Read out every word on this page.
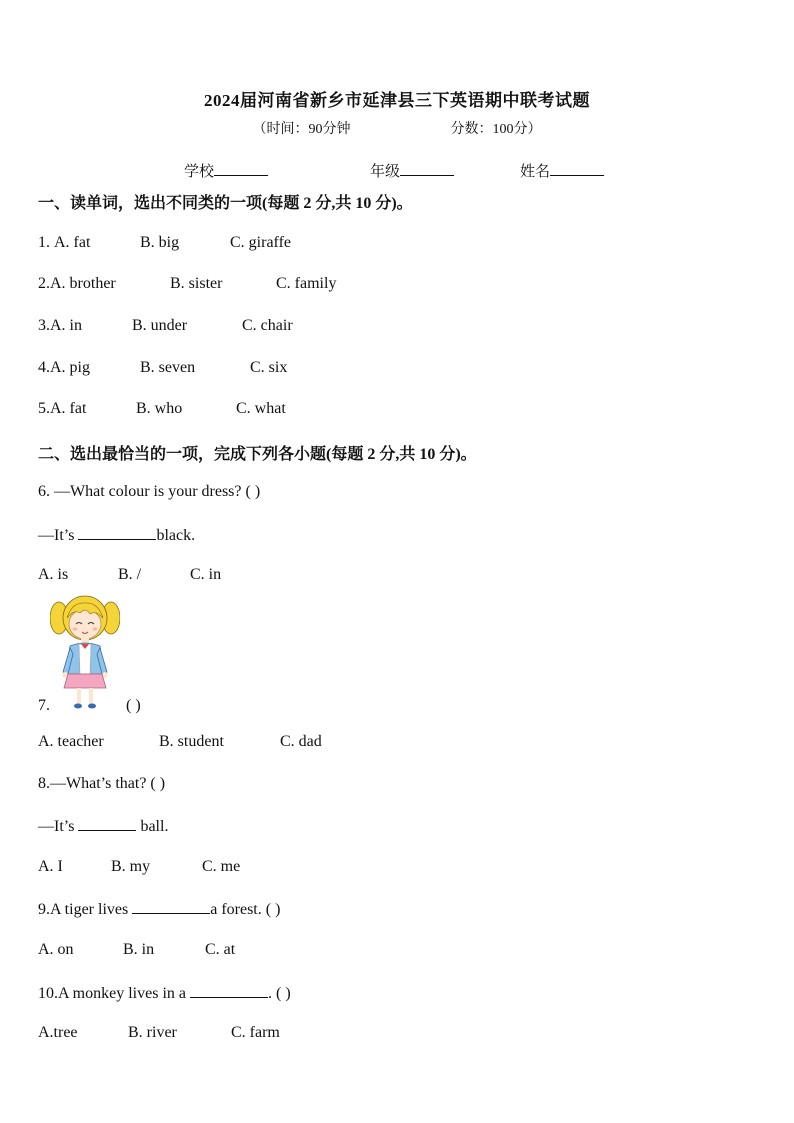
2024届河南省新乡市延津县三下英语期中联考试题
（时间：90分钟	分数：100分）
学校	年级	姓名
一、读单词，选出不同类的一项(每题 2 分,共 10 分)。
1. A. fat	B. big	C. giraffe
2.A. brother	B. sister	C. family
3.A. in	B. under	C. chair
4.A. pig	B. seven	C. six
5.A. fat	B. who	C. what
二、选出最恰当的一项，完成下列各小题(每题 2 分,共 10 分)。
6. —What colour is your dress? ( )
—It’s	black.
A. is	B. /	C. in
7.	( )
A. teacher	B. student	C. dad
8.—What’s that? ( )
—It’s	ball.
A. I	B. my	C. me
9.A tiger lives	a forest. ( )
A. on	B. in	C. at
10.A monkey lives in a	. ( )
A.tree	B. river	C. farm
